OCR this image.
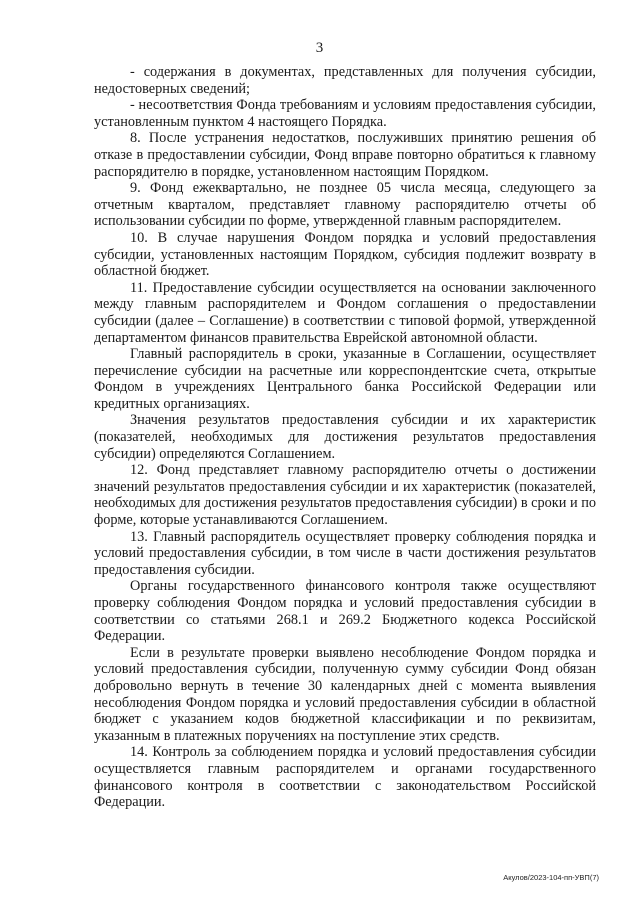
3

- содержания в документах, представленных для получения субсидии, недостоверных сведений;

- несоответствия Фонда требованиям и условиям предоставления субсидии, установленным пунктом 4 настоящего Порядка.

8. После устранения недостатков, послуживших принятию решения об отказе в предоставлении субсидии, Фонд вправе повторно обратиться к главному распорядителю в порядке, установленном настоящим Порядком.

9. Фонд ежеквартально, не позднее 05 числа месяца, следующего за отчетным кварталом, представляет главному распорядителю отчеты об использовании субсидии по форме, утвержденной главным распорядителем.

10. В случае нарушения Фондом порядка и условий предоставления субсидии, установленных настоящим Порядком, субсидия подлежит возврату в областной бюджет.

11. Предоставление субсидии осуществляется на основании заключенного между главным распорядителем и Фондом соглашения о предоставлении субсидии (далее – Соглашение) в соответствии с типовой формой, утвержденной департаментом финансов правительства Еврейской автономной области.

Главный распорядитель в сроки, указанные в Соглашении, осуществляет перечисление субсидии на расчетные или корреспондентские счета, открытые Фондом в учреждениях Центрального банка Российской Федерации или кредитных организациях.

Значения результатов предоставления субсидии и их характеристик (показателей, необходимых для достижения результатов предоставления субсидии) определяются Соглашением.

12. Фонд представляет главному распорядителю отчеты о достижении значений результатов предоставления субсидии и их характеристик (показателей, необходимых для достижения результатов предоставления субсидии) в сроки и по форме, которые устанавливаются Соглашением.

13. Главный распорядитель осуществляет проверку соблюдения порядка и условий предоставления субсидии, в том числе в части достижения результатов предоставления субсидии.

Органы государственного финансового контроля также осуществляют проверку соблюдения Фондом порядка и условий предоставления субсидии в соответствии со статьями 268.1 и 269.2 Бюджетного кодекса Российской Федерации.

Если в результате проверки выявлено несоблюдение Фондом порядка и условий предоставления субсидии, полученную сумму субсидии Фонд обязан добровольно вернуть в течение 30 календарных дней с момента выявления несоблюдения Фондом порядка и условий предоставления субсидии в областной бюджет с указанием кодов бюджетной классификации и по реквизитам, указанным в платежных поручениях на поступление этих средств.

14. Контроль за соблюдением порядка и условий предоставления субсидии осуществляется главным распорядителем и органами государственного финансового контроля в соответствии с законодательством Российской Федерации.

Акулов/2023-104-пп-УВП(7)
